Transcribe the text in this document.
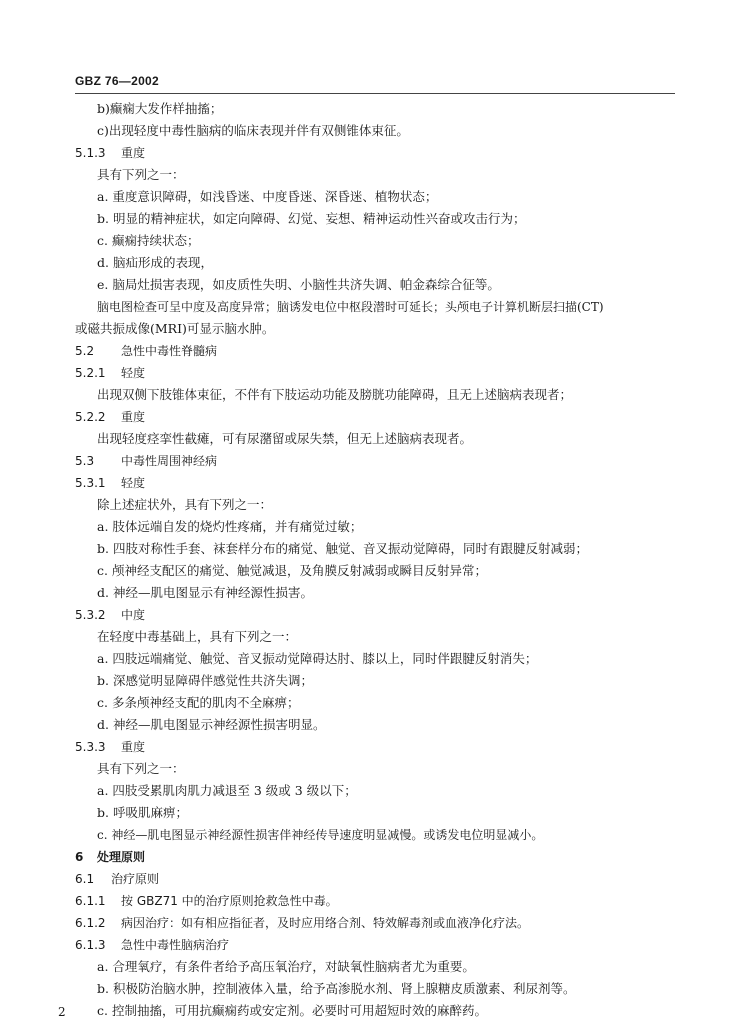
GBZ 76—2002
b)癫痫大发作样抽搐；
c)出现轻度中毒性脑病的临床表现并伴有双侧锥体束征。
5.1.3 重度
具有下列之一：
a. 重度意识障碍，如浅昏迷、中度昏迷、深昏迷、植物状态；
b. 明显的精神症状，如定向障碍、幻觉、妄想、精神运动性兴奋或攻击行为；
c. 癫痫持续状态；
d. 脑疝形成的表现，
e. 脑局灶损害表现，如皮质性失明、小脑性共济失调、帕金森综合征等。
脑电图检查可呈中度及高度异常；脑诱发电位中枢段潜时可延长；头颅电子计算机断层扫描(CT)
或磁共振成像(MRI)可显示脑水肿。
5.2 急性中毒性脊髓病
5.2.1 轻度
出现双侧下肢锥体束征，不伴有下肢运动功能及膀胱功能障碍，且无上述脑病表现者；
5.2.2 重度
出现轻度痉挛性截瘫，可有尿潴留或尿失禁，但无上述脑病表现者。
5.3 中毒性周围神经病
5.3.1 轻度
除上述症状外，具有下列之一：
a. 肢体远端自发的烧灼性疼痛，并有痛觉过敏；
b. 四肢对称性手套、袜套样分布的痛觉、触觉、音叉振动觉障碍，同时有跟腱反射减弱；
c. 颅神经支配区的痛觉、触觉减退，及角膜反射减弱或瞬目反射异常；
d. 神经—肌电图显示有神经源性损害。
5.3.2 中度
在轻度中毒基础上，具有下列之一：
a. 四肢远端痛觉、触觉、音叉振动觉障碍达肘、膝以上，同时伴跟腱反射消失；
b. 深感觉明显障碍伴感觉性共济失调；
c. 多条颅神经支配的肌肉不全麻痹；
d. 神经—肌电图显示神经源性损害明显。
5.3.3 重度
具有下列之一：
a. 四肢受累肌肉肌力减退至 3 级或 3 级以下；
b. 呼吸肌麻痹；
c. 神经—肌电图显示神经源性损害伴神经传导速度明显减慢。或诱发电位明显减小。
6 处理原则
6.1 治疗原则
6.1.1 按 GBZ71 中的治疗原则抢救急性中毒。
6.1.2 病因治疗：如有相应指征者，及时应用络合剂、特效解毒剂或血液净化疗法。
6.1.3 急性中毒性脑病治疗
a. 合理氧疗，有条件者给予高压氧治疗，对缺氧性脑病者尤为重要。
b. 积极防治脑水肿，控制液体入量，给予高渗脱水剂、肾上腺糖皮质激素、利尿剂等。
c. 控制抽搐，可用抗癫痫药或安定剂。必要时可用超短时效的麻醉药。
2
